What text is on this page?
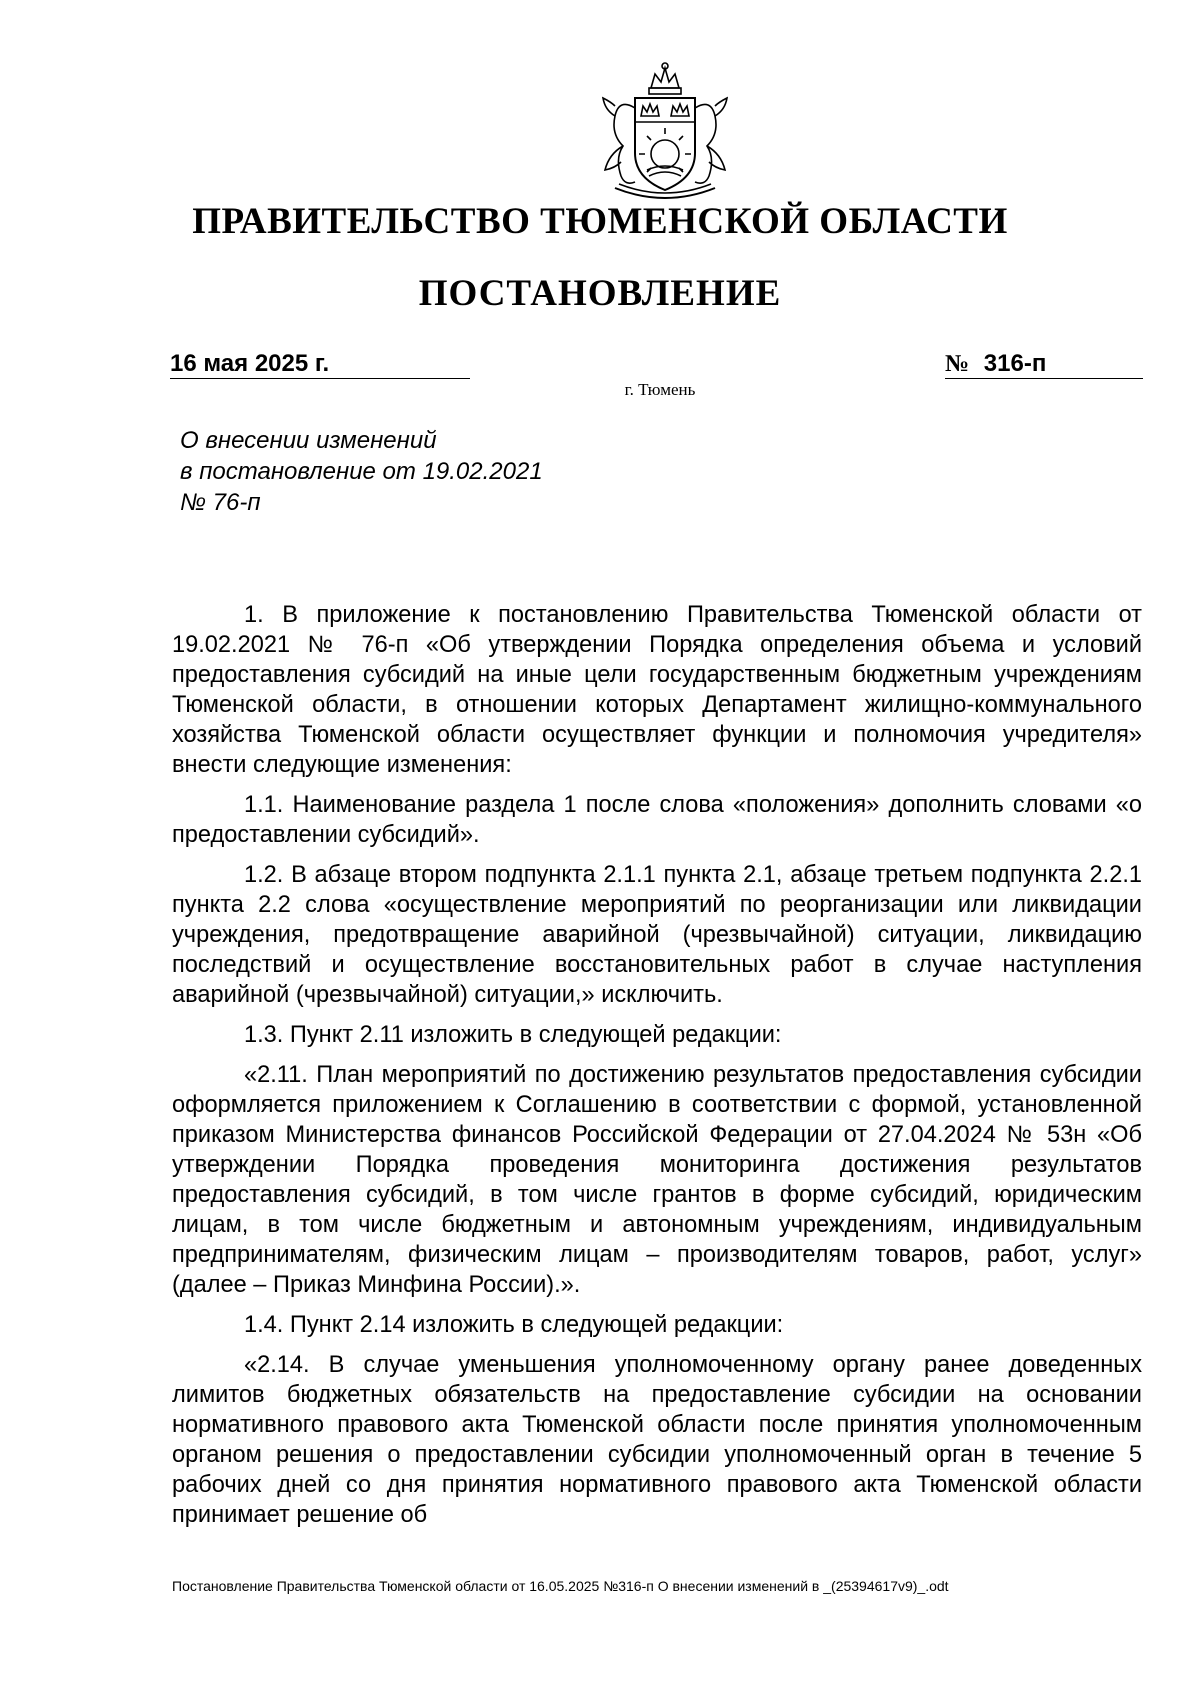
ПРАВИТЕЛЬСТВО ТЮМЕНСКОЙ ОБЛАСТИ
ПОСТАНОВЛЕНИЕ
16 мая 2025 г.	№ 316-п
г. Тюмень
О внесении изменений
в постановление от 19.02.2021
№ 76-п

1. В приложение к постановлению Правительства Тюменской области от 19.02.2021 № 76-п «Об утверждении Порядка определения объема и условий предоставления субсидий на иные цели государственным бюджетным учреждениям Тюменской области, в отношении которых Департамент жилищно-коммунального хозяйства Тюменской области осуществляет функции и полномочия учредителя» внести следующие изменения:

1.1. Наименование раздела 1 после слова «положения» дополнить словами «о предоставлении субсидий».

1.2. В абзаце втором подпункта 2.1.1 пункта 2.1, абзаце третьем подпункта 2.2.1 пункта 2.2 слова «осуществление мероприятий по реорганизации или ликвидации учреждения, предотвращение аварийной (чрезвычайной) ситуации, ликвидацию последствий и осуществление восстановительных работ в случае наступления аварийной (чрезвычайной) ситуации,» исключить.

1.3. Пункт 2.11 изложить в следующей редакции:

«2.11. План мероприятий по достижению результатов предоставления субсидии оформляется приложением к Соглашению в соответствии с формой, установленной приказом Министерства финансов Российской Федерации от 27.04.2024 № 53н «Об утверждении Порядка проведения мониторинга достижения результатов предоставления субсидий, в том числе грантов в форме субсидий, юридическим лицам, в том числе бюджетным и автономным учреждениям, индивидуальным предпринимателям, физическим лицам – производителям товаров, работ, услуг» (далее – Приказ Минфина России).».

1.4. Пункт 2.14 изложить в следующей редакции:

«2.14. В случае уменьшения уполномоченному органу ранее доведенных лимитов бюджетных обязательств на предоставление субсидии на основании нормативного правового акта Тюменской области после принятия уполномоченным органом решения о предоставлении субсидии уполномоченный орган в течение 5 рабочих дней со дня принятия нормативного правового акта Тюменской области принимает решение об

Постановление Правительства Тюменской области от 16.05.2025 №316-п О внесении изменений в _(25394617v9)_.odt
